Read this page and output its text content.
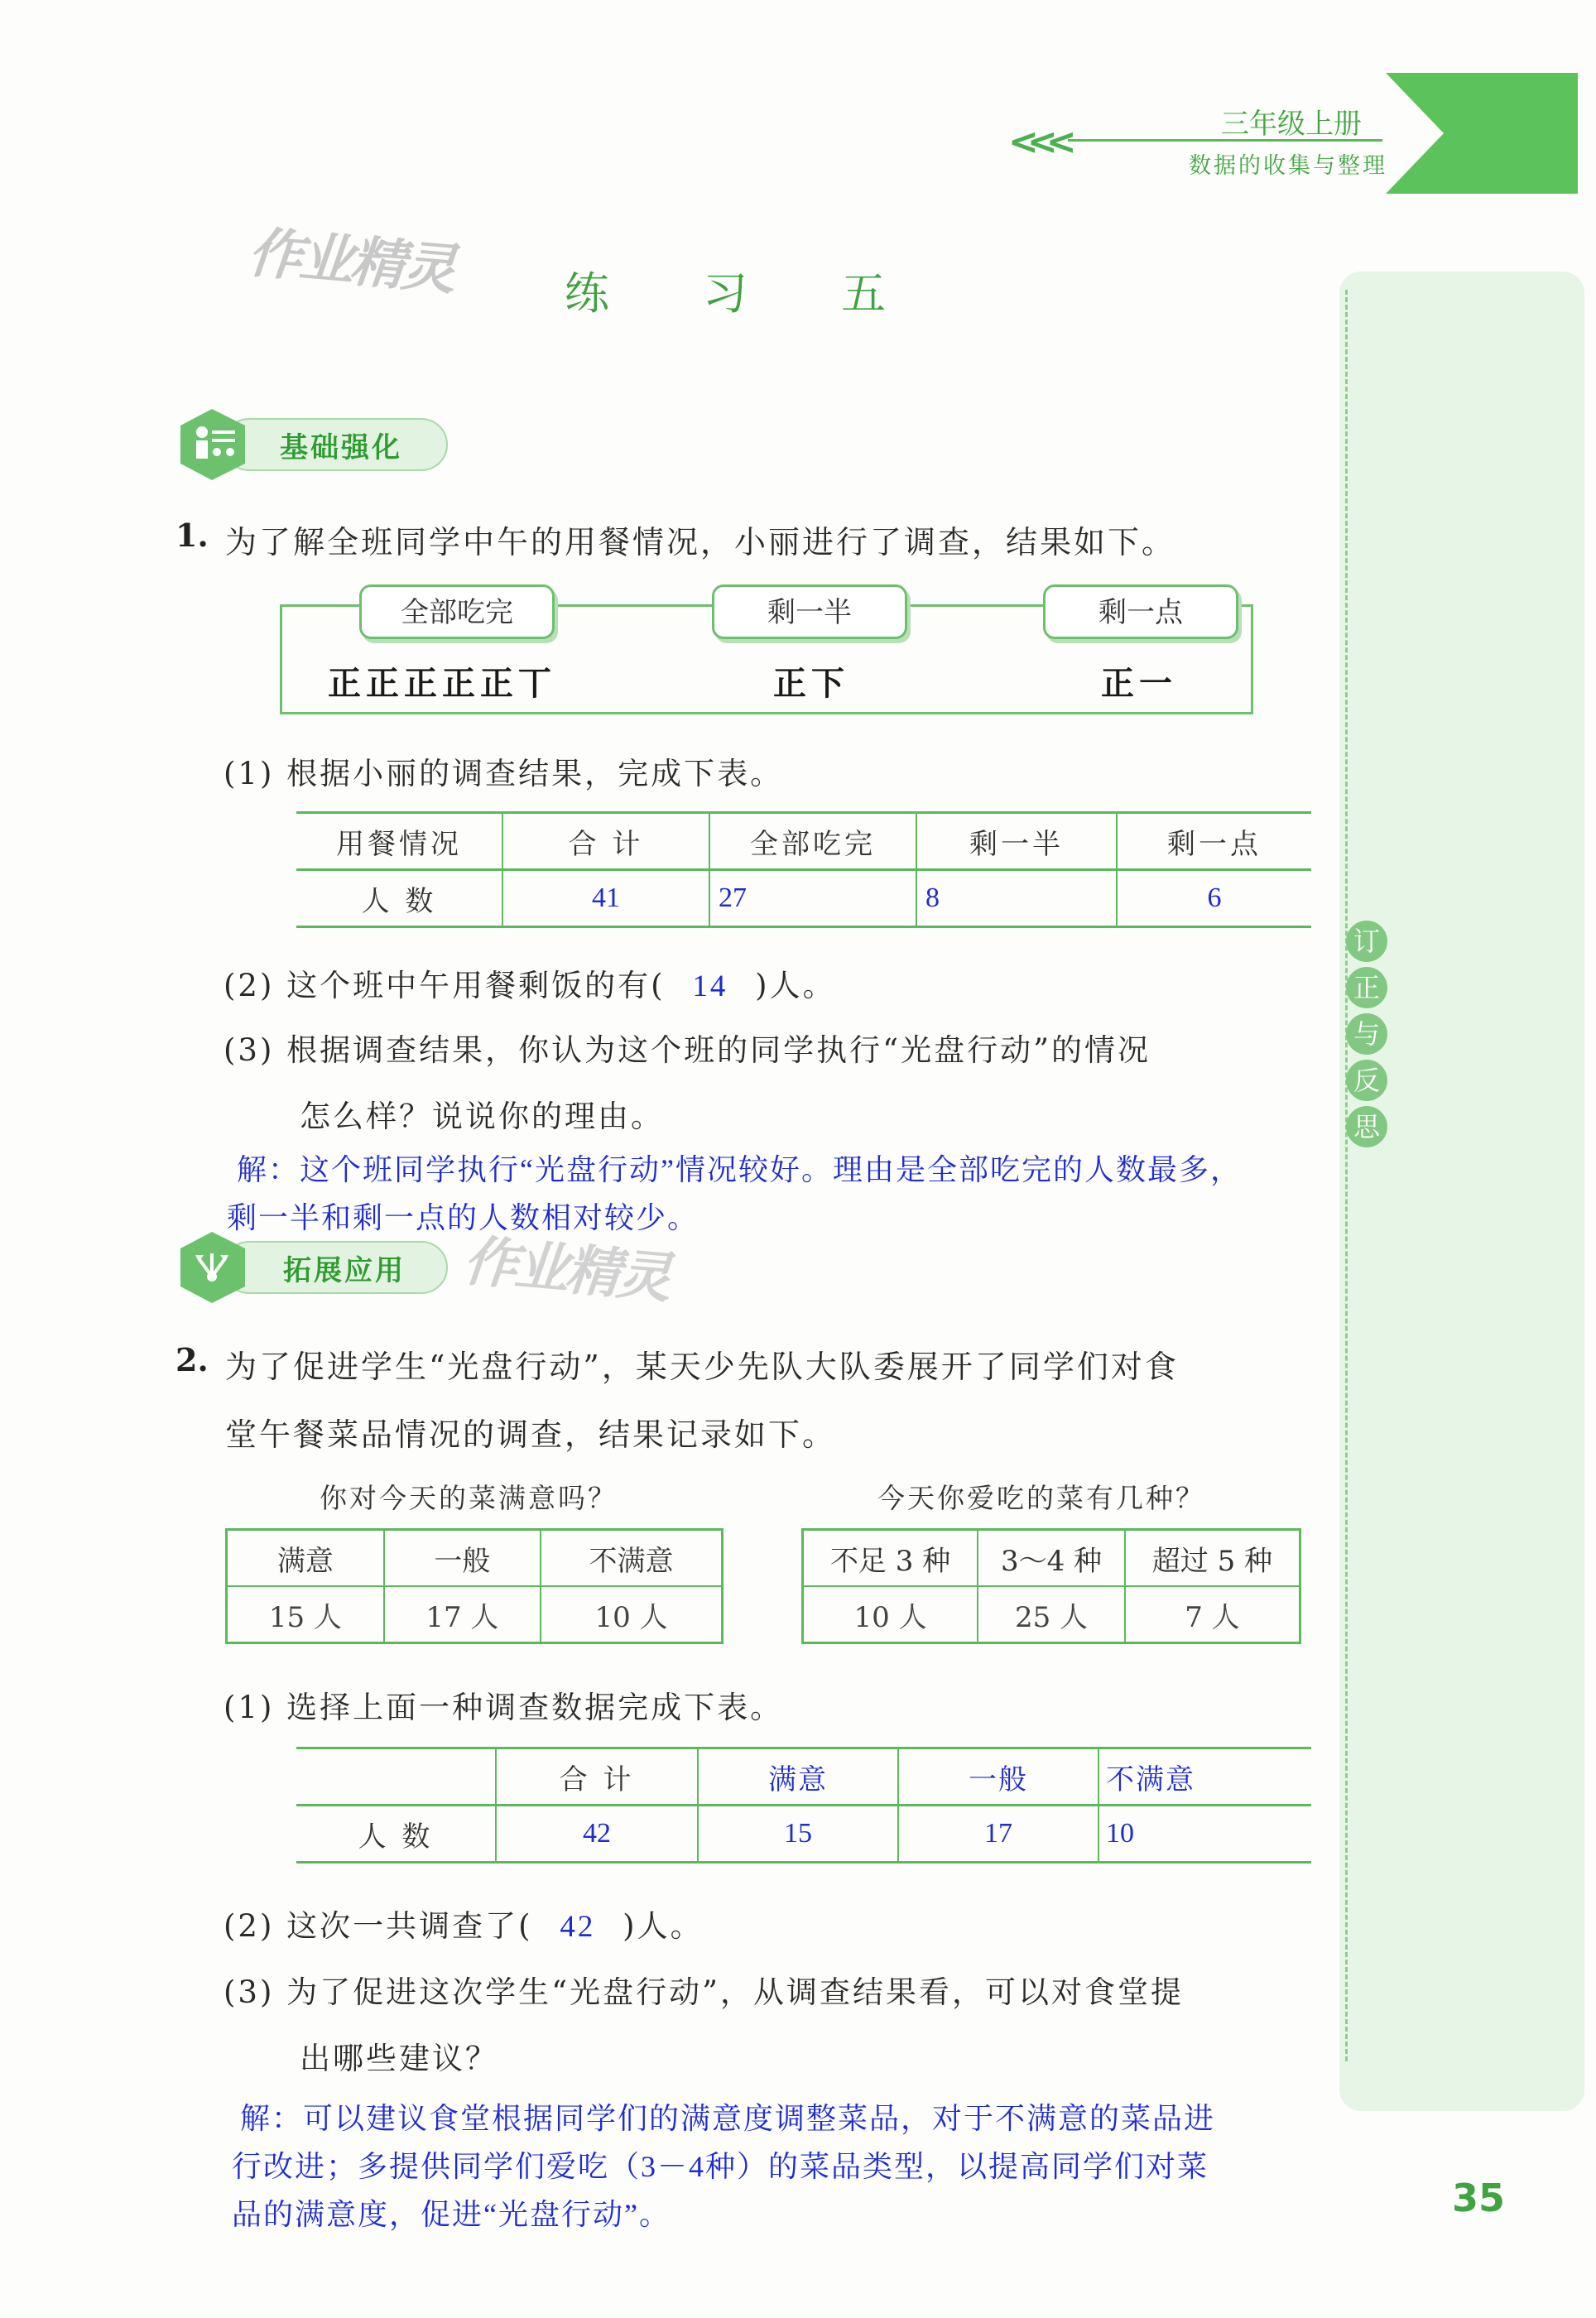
<<<	三年级上册
数据的收集与整理
作业精灵
作业精灵
订
正
与
反
思
练 习 五
基础强化
1. 为了解全班同学中午的用餐情况，小丽进行了调查，结果如下。
全部吃完	剩一半	剩一点
正正正正正丅	正下	正一
(1) 根据小丽的调查结果，完成下表。
用餐情况	合 计	全部吃完	剩一半	剩一点
人 数	41	27	8	6
(2) 这个班中午用餐剩饭的有( 14 )人。
(3) 根据调查结果，你认为这个班的同学执行“光盘行动”的情况
怎么样？说说你的理由。
解：这个班同学执行“光盘行动”情况较好。理由是全部吃完的人数最多，
剩一半和剩一点的人数相对较少。
拓展应用
2. 为了促进学生“光盘行动”，某天少先队大队委展开了同学们对食
堂午餐菜品情况的调查，结果记录如下。
你对今天的菜满意吗？
满意	一般	不满意
15 人	17 人	10 人
今天你爱吃的菜有几种？
不足 3 种	3～4 种	超过 5 种
10 人	25 人	7 人
(1) 选择上面一种调查数据完成下表。
	合 计	满意	一般	不满意
人 数	42	15	17	10
(2) 这次一共调查了( 42 )人。
(3) 为了促进这次学生“光盘行动”，从调查结果看，可以对食堂提
出哪些建议？
解：可以建议食堂根据同学们的满意度调整菜品，对于不满意的菜品进
行改进；多提供同学们爱吃（3－4种）的菜品类型，以提高同学们对菜
品的满意度，促进“光盘行动”。	35
